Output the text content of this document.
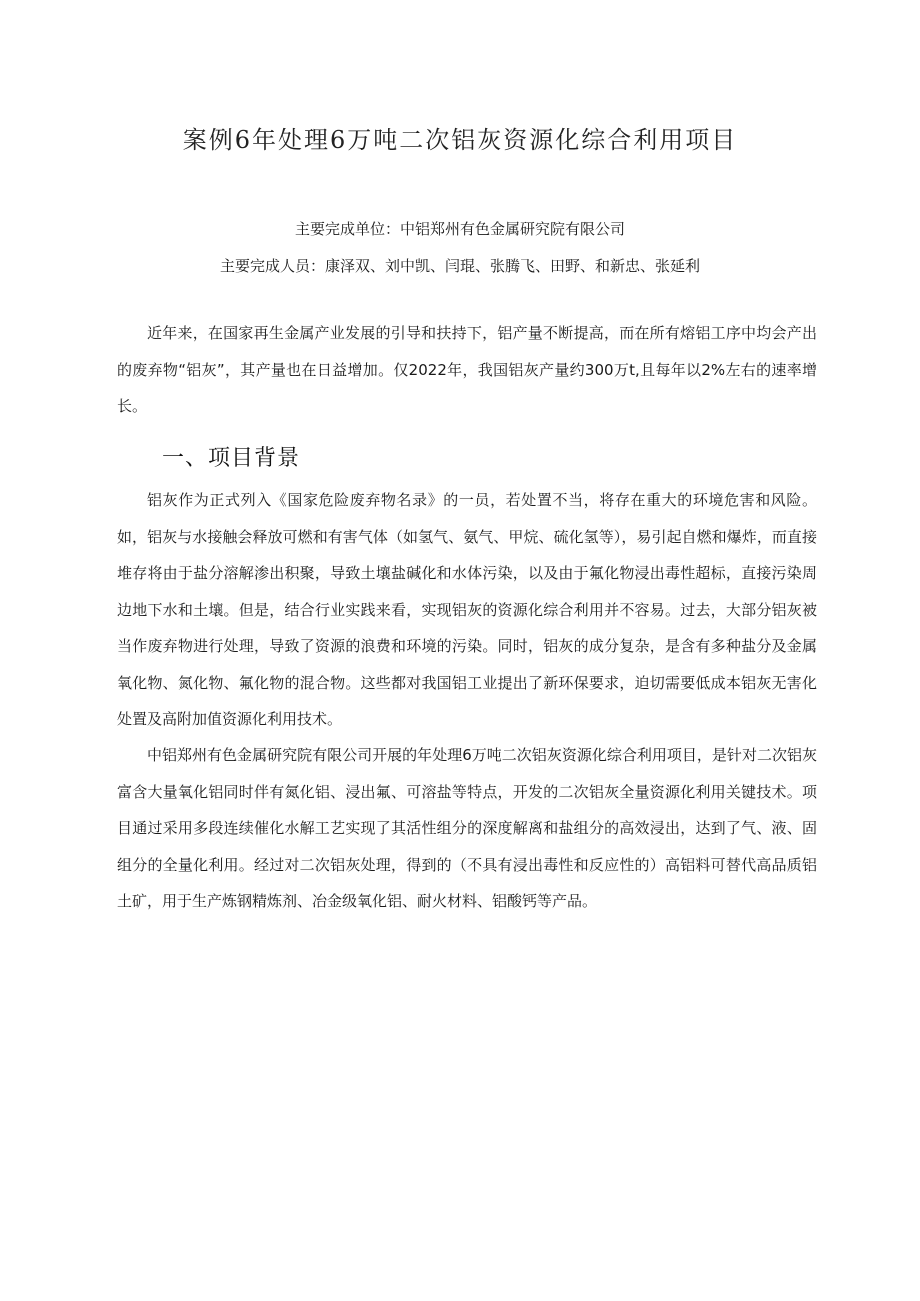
案例6年处理6万吨二次铝灰资源化综合利用项目

主要完成单位：中铝郑州有色金属研究院有限公司

主要完成人员：康泽双、刘中凯、闫琨、张腾飞、田野、和新忠、张延利

近年来，在国家再生金属产业发展的引导和扶持下，铝产量不断提高，而在所有熔铝工序中均会产出的废弃物“铝灰”，其产量也在日益增加。仅2022年，我国铝灰产量约300万t,且每年以2%左右的速率增长。

一、项目背景

铝灰作为正式列入《国家危险废弃物名录》的一员，若处置不当，将存在重大的环境危害和风险。如，铝灰与水接触会释放可燃和有害气体（如氢气、氨气、甲烷、硫化氢等），易引起自燃和爆炸，而直接堆存将由于盐分溶解渗出积聚，导致土壤盐碱化和水体污染，以及由于氟化物浸出毒性超标，直接污染周边地下水和土壤。但是，结合行业实践来看，实现铝灰的资源化综合利用并不容易。过去，大部分铝灰被当作废弃物进行处理，导致了资源的浪费和环境的污染。同时，铝灰的成分复杂，是含有多种盐分及金属氧化物、氮化物、氟化物的混合物。这些都对我国铝工业提出了新环保要求，迫切需要低成本铝灰无害化处置及高附加值资源化利用技术。

中铝郑州有色金属研究院有限公司开展的年处理6万吨二次铝灰资源化综合利用项目，是针对二次铝灰富含大量氧化铝同时伴有氮化铝、浸出氟、可溶盐等特点，开发的二次铝灰全量资源化利用关键技术。项目通过采用多段连续催化水解工艺实现了其活性组分的深度解离和盐组分的高效浸出，达到了气、液、固组分的全量化利用。经过对二次铝灰处理，得到的（不具有浸出毒性和反应性的）高铝料可替代高品质铝土矿，用于生产炼钢精炼剂、冶金级氧化铝、耐火材料、铝酸钙等产品。
